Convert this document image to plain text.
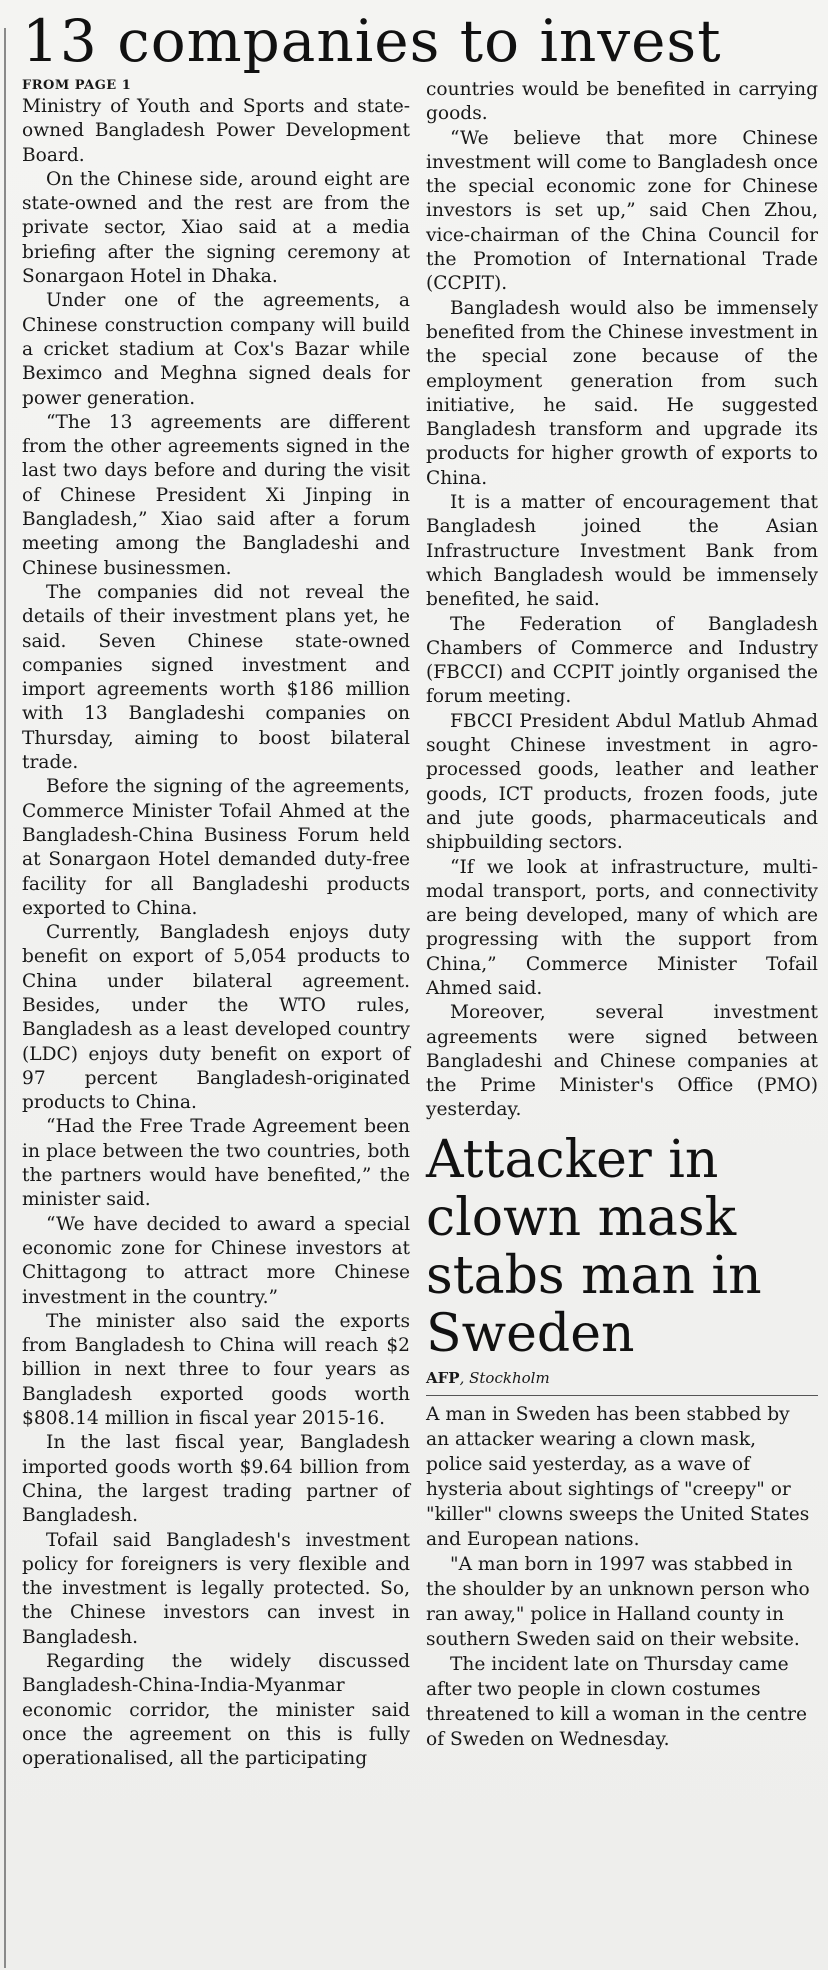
13 companies to invest
FROM PAGE 1

Ministry of Youth and Sports and state-owned Bangladesh Power Development Board.

On the Chinese side, around eight are state-owned and the rest are from the private sector, Xiao said at a media briefing after the signing ceremony at Sonargaon Hotel in Dhaka.

Under one of the agreements, a Chinese construction company will build a cricket stadium at Cox's Bazar while Beximco and Meghna signed deals for power generation.

“The 13 agreements are different from the other agreements signed in the last two days before and during the visit of Chinese President Xi Jinping in Bangladesh,” Xiao said after a forum meeting among the Bangladeshi and Chinese businessmen.

The companies did not reveal the details of their investment plans yet, he said. Seven Chinese state-owned companies signed investment and import agreements worth $186 million with 13 Bangladeshi companies on Thursday, aiming to boost bilateral trade.

Before the signing of the agreements, Commerce Minister Tofail Ahmed at the Bangladesh-China Business Forum held at Sonargaon Hotel demanded duty-free facility for all Bangladeshi products exported to China.

Currently, Bangladesh enjoys duty benefit on export of 5,054 products to China under bilateral agreement. Besides, under the WTO rules, Bangladesh as a least developed country (LDC) enjoys duty benefit on export of 97 percent Bangladesh-originated products to China.

“Had the Free Trade Agreement been in place between the two countries, both the partners would have benefited,” the minister said.

“We have decided to award a special economic zone for Chinese investors at Chittagong to attract more Chinese investment in the country.”

The minister also said the exports from Bangladesh to China will reach $2 billion in next three to four years as Bangladesh exported goods worth $808.14 million in fiscal year 2015-16.

In the last fiscal year, Bangladesh imported goods worth $9.64 billion from China, the largest trading partner of Bangladesh.

Tofail said Bangladesh's investment policy for foreigners is very flexible and the investment is legally protected. So, the Chinese investors can invest in Bangladesh.

Regarding the widely discussed Bangladesh-China-India-Myanmar economic corridor, the minister said once the agreement on this is fully operationalised, all the participating

countries would be benefited in carrying goods.

“We believe that more Chinese investment will come to Bangladesh once the special economic zone for Chinese investors is set up,” said Chen Zhou, vice-chairman of the China Council for the Promotion of International Trade (CCPIT).

Bangladesh would also be immensely benefited from the Chinese investment in the special zone because of the employment generation from such initiative, he said. He suggested Bangladesh transform and upgrade its products for higher growth of exports to China.

It is a matter of encouragement that Bangladesh joined the Asian Infrastructure Investment Bank from which Bangladesh would be immensely benefited, he said.

The Federation of Bangladesh Chambers of Commerce and Industry (FBCCI) and CCPIT jointly organised the forum meeting.

FBCCI President Abdul Matlub Ahmad sought Chinese investment in agro-processed goods, leather and leather goods, ICT products, frozen foods, jute and jute goods, pharmaceuticals and shipbuilding sectors.

“If we look at infrastructure, multi-modal transport, ports, and connectivity are being developed, many of which are progressing with the support from China,” Commerce Minister Tofail Ahmed said.

Moreover, several investment agreements were signed between Bangladeshi and Chinese companies at the Prime Minister's Office (PMO) yesterday.

Attacker in clown mask stabs man in Sweden
AFP, Stockholm

A man in Sweden has been stabbed by an attacker wearing a clown mask, police said yesterday, as a wave of hysteria about sightings of "creepy" or "killer" clowns sweeps the United States and European nations.

"A man born in 1997 was stabbed in the shoulder by an unknown person who ran away," police in Halland county in southern Sweden said on their website.

The incident late on Thursday came after two people in clown costumes threatened to kill a woman in the centre of Sweden on Wednesday.
